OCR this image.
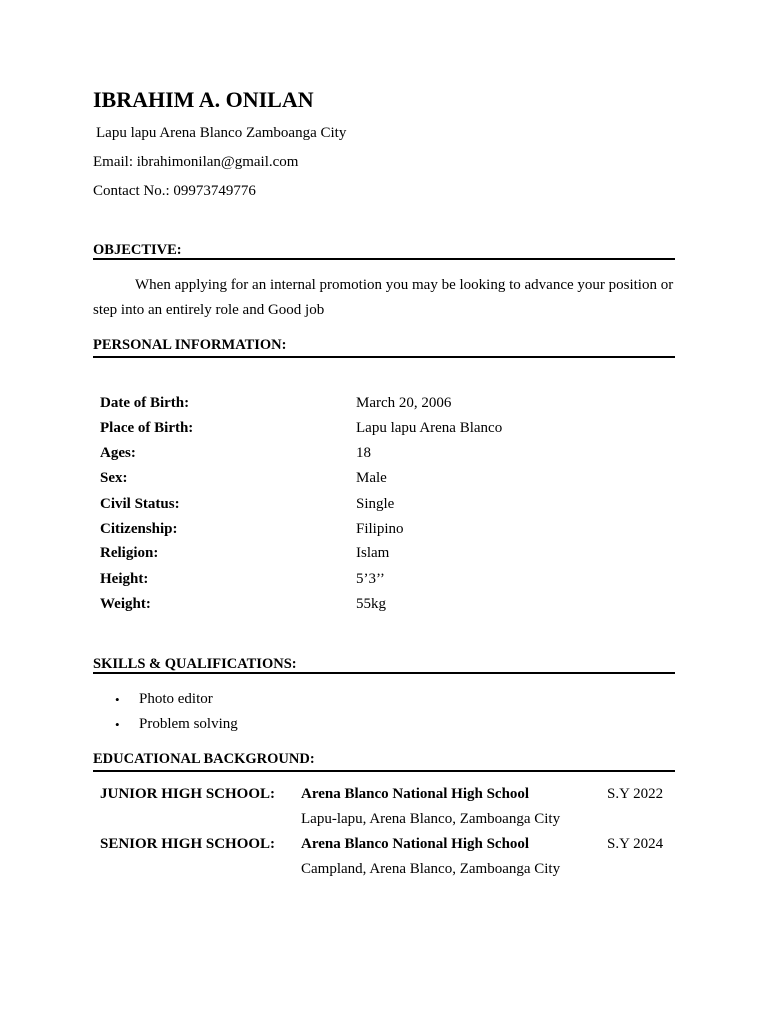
IBRAHIM A. ONILAN
Lapu lapu Arena Blanco Zamboanga City
Email: ibrahimonilan@gmail.com
Contact No.: 09973749776
OBJECTIVE:
When applying for an internal promotion you may be looking to advance your position or step into an entirely role and Good job
PERSONAL INFORMATION:
Date of Birth:	March 20, 2006
Place of Birth:	Lapu lapu Arena Blanco
Ages:	18
Sex:	Male
Civil Status:	Single
Citizenship:	Filipino
Religion:	Islam
Height:	5’3’’
Weight:	55kg
SKILLS & QUALIFICATIONS:
• Photo editor
• Problem solving
EDUCATIONAL BACKGROUND:
JUNIOR HIGH SCHOOL: Arena Blanco National High School	S.Y 2022
Lapu-lapu, Arena Blanco, Zamboanga City
SENIOR HIGH SCHOOL: Arena Blanco National High School	S.Y 2024
Campland, Arena Blanco, Zamboanga City
